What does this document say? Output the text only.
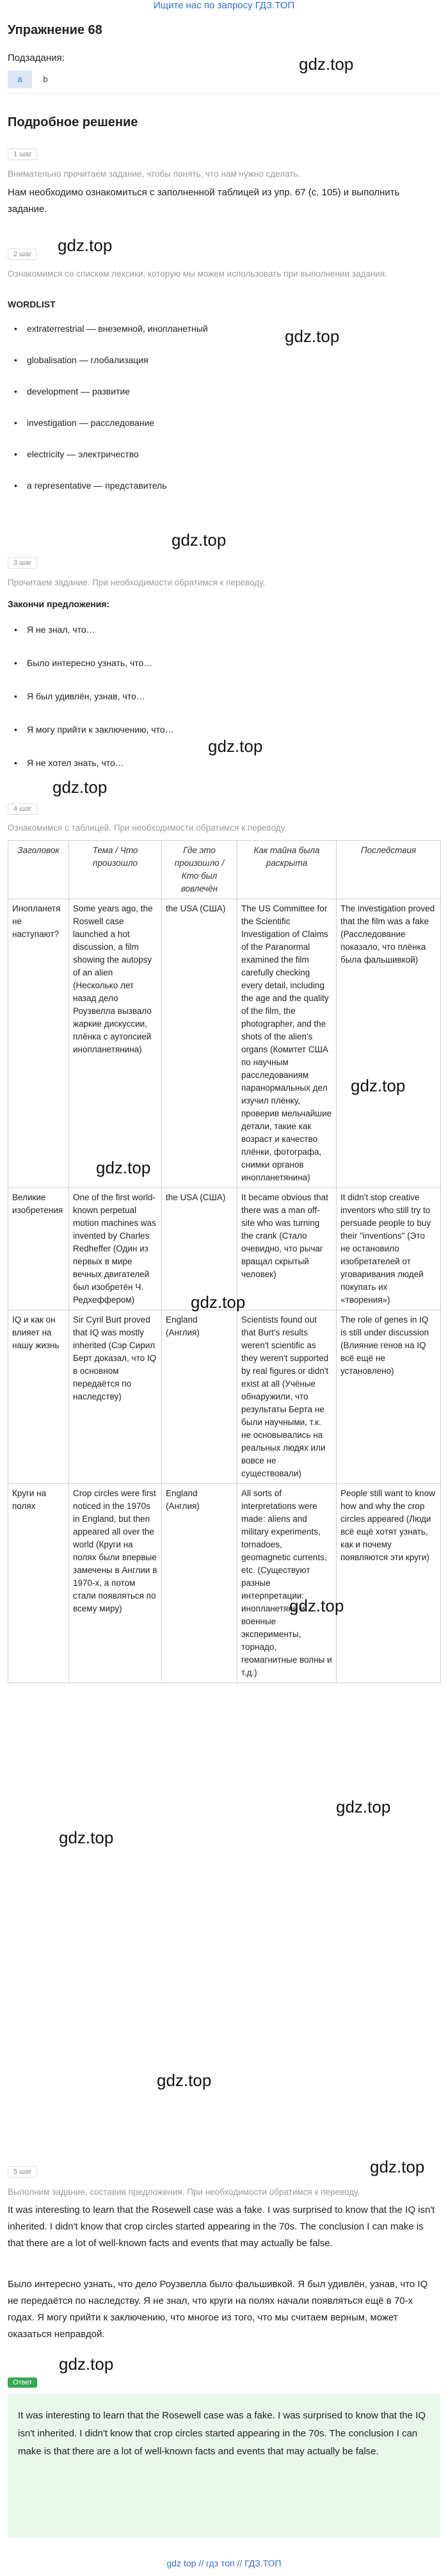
Ищите нас по запросу ГДЗ.ТОП
Упражнение 68
Подзадания:
a	b
gdz.top
Подробное решение
1 шаг
Внимательно прочитаем задание, чтобы понять, что нам нужно сделать.
Нам необходимо ознакомиться с заполненной таблицей из упр. 67 (с. 105) и выполнить задание.
2 шаг	gdz.top
Ознакомимся со списком лексики, которую мы можем использовать при выполнении задания.
WORDLIST
gdz.top
• extraterrestrial — внеземной, инопланетный
• globalisation — глобализация
• development — развитие
• investigation — расследование
• electricity — электричество
• a representative — представитель
gdz.top
3 шаг
Прочитаем задание. При необходимости обратимся к переводу.
Закончи предложения:
• Я не знал, что…
• Было интересно узнать, что…
• Я был удивлён, узнав, что…
• Я могу прийти к заключению, что…
• Я не хотел знать, что…
gdz.top
gdz.top
4 шаг
Ознакомимся с таблицей. При необходимости обратимся к переводу.
Заголовок	Тема / Что произошло	Где это произошло / Кто был вовлечён	Как тайна была раскрыта	Последствия
Инопланетяне наступают?	Some years ago, the Roswell case launched a hot discussion, a film showing the autopsy of an alien (Несколько лет назад дело Роузвелла вызвало жаркие дискуссии, плёнка с аутопсией инопланетянина)	the USA (США)	The US Committee for the Scientific Investigation of Claims of the Paranormal examined the film carefully checking every detail, including the age and the quality of the film, the photographer, and the shots of the alien's organs (Комитет США по научным расследованиям паранормальных дел изучил плёнку, проверив мельчайшие детали, такие как возраст и качество плёнки, фотографа, снимки органов инопланетянина)	The investigation proved that the film was a fake (Расследование показало, что плёнка была фальшивкой)
Великие изобретения	One of the first world-known perpetual motion machines was invented by Charles Redheffer (Один из первых в мире вечных двигателей был изобретён Ч. Редхеффером)	the USA (США)	It became obvious that there was a man off-site who was turning the crank (Стало очевидно, что рычаг вращал скрытый человек)	It didn't stop creative inventors who still try to persuade people to buy their "inventions" (Это не остановило изобретателей от уговаривания людей покупать их «творения»)
IQ и как он влияет на нашу жизнь	Sir Cyril Burt proved that IQ was mostly inherited (Сэр Сирил Берт доказал, что IQ в основном передаётся по наследству)	England (Англия)	Scientists found out that Burt's results weren't scientific as they weren't supported by real figures or didn't exist at all (Учёные обнаружили, что результаты Берта не были научными, т.к. не основывались на реальных людях или вовсе не существовали)	The role of genes in IQ is still under discussion (Влияние генов на IQ всё ещё не установлено)
Круги на полях	Crop circles were first noticed in the 1970s in England, but then appeared all over the world (Круги на полях были впервые замечены в Англии в 1970-х, а потом стали появляться по всему миру)	England (Англия)	All sorts of interpretations were made: aliens and military experiments, tornadoes, geomagnetic currents, etc. (Существуют разные интерпретации: инопланетяне и военные эксперименты, торнадо, геомагнитные волны и т.д.)	People still want to know how and why the crop circles appeared (Люди всё ещё хотят узнать, как и почему появляются эти круги)
gdz.top
gdz.top
gdz.top
gdz.top
gdz.top
gdz.top
gdz.top
gdz.top
5 шаг
Выполним задание, составив предложения. При необходимости обратимся к переводу.
It was interesting to learn that the Rosewell case was a fake. I was surprised to know that the IQ isn't inherited. I didn't know that crop circles started appearing in the 70s. The conclusion I can make is that there are a lot of well-known facts and events that may actually be false.
Было интересно узнать, что дело Роузвелла было фальшивкой. Я был удивлён, узнав, что IQ не передаётся по наследству. Я не знал, что круги на полях начали появляться ещё в 70-х годах. Я могу прийти к заключению, что многое из того, что мы считаем верным, может оказаться неправдой.
gdz.top
Ответ
It was interesting to learn that the Rosewell case was a fake. I was surprised to know that the IQ isn't inherited. I didn't know that crop circles started appearing in the 70s. The conclusion I can make is that there are a lot of well-known facts and events that may actually be false.
gdz top // гдз топ // ГДЗ.ТОП
